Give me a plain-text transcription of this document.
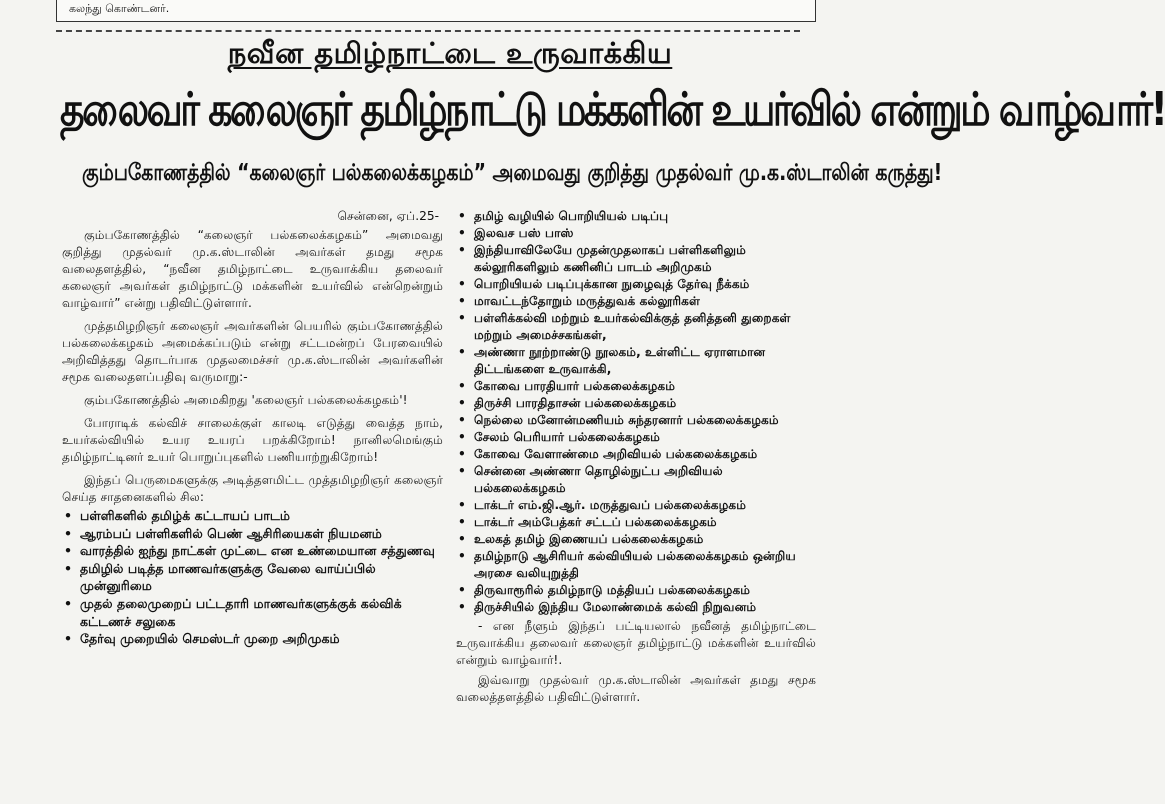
கலந்து கொண்டனர்.
நவீன தமிழ்நாட்டை உருவாக்கிய
தலைவர் கலைஞர் தமிழ்நாட்டு மக்களின் உயர்வில் என்றும் வாழ்வார்!
கும்பகோணத்தில் “கலைஞர் பல்கலைக்கழகம்” அமைவது குறித்து முதல்வர் மு.க.ஸ்டாலின் கருத்து!

சென்னை, ஏப்.25-

கும்பகோணத்தில் “கலைஞர் பல்கலைக்கழகம்” அமைவது குறித்து முதல்வர் மு.க.ஸ்டாலின் அவர்கள் தமது சமூக வலைதளத்தில், “நவீன தமிழ்நாட்டை உருவாக்கிய தலைவர் கலைஞர் அவர்கள் தமிழ்நாட்டு மக்களின் உயர்வில் என்றென்றும் வாழ்வார்” என்று பதிவிட்டுள்ளார்.

முத்தமிழறிஞர் கலைஞர் அவர்களின் பெயரில் கும்பகோணத்தில் பல்கலைக்கழகம் அமைக்கப்படும் என்று சட்டமன்றப் பேரவையில் அறிவித்தது தொடர்பாக முதலமைச்சர் மு.க.ஸ்டாலின் அவர்களின் சமூக வலைதளப்பதிவு வருமாறு:-

கும்பகோணத்தில் அமைகிறது 'கலைஞர் பல்கலைக்கழகம்'!

போராடிக் கல்விச் சாலைக்குள் காலடி எடுத்து வைத்த நாம், உயர்கல்வியில் உயர உயரப் பறக்கிறோம்! நானிலமெங்கும் தமிழ்நாட்டினர் உயர் பொறுப்புகளில் பணியாற்றுகிறோம்!

இந்தப் பெருமைகளுக்கு அடித்தளமிட்ட முத்தமிழறிஞர் கலைஞர் செய்த சாதனைகளில் சில:

• பள்ளிகளில் தமிழ்க் கட்டாயப் பாடம்
• ஆரம்பப் பள்ளிகளில் பெண் ஆசிரியைகள் நியமனம்
• வாரத்தில் ஐந்து நாட்கள் முட்டை என உண்மையான சத்துணவு
• தமிழில் படித்த மாணவர்களுக்கு வேலை வாய்ப்பில் முன்னுரிமை
• முதல் தலைமுறைப் பட்டதாரி மாணவர்களுக்குக் கல்விக் கட்டணச் சலுகை
• தேர்வு முறையில் செமஸ்டர் முறை அறிமுகம்
• தமிழ் வழியில் பொறியியல் படிப்பு
• இலவச பஸ் பாஸ்
• இந்தியாவிலேயே முதன்முதலாகப் பள்ளிகளிலும் கல்லூரிகளிலும் கணினிப் பாடம் அறிமுகம்
• பொறியியல் படிப்புக்கான நுழைவுத் தேர்வு நீக்கம்
• மாவட்டந்தோறும் மருத்துவக் கல்லூரிகள்
• பள்ளிக்கல்வி மற்றும் உயர்கல்விக்குத் தனித்தனி துறைகள் மற்றும் அமைச்சகங்கள்,
• அண்ணா நூற்றாண்டு நூலகம், உள்ளிட்ட ஏராளமான திட்டங்களை உருவாக்கி,
• கோவை பாரதியார் பல்கலைக்கழகம்
• திருச்சி பாரதிதாசன் பல்கலைக்கழகம்
• நெல்லை மனோன்மணியம் சுந்தரனார் பல்கலைக்கழகம்
• சேலம் பெரியார் பல்கலைக்கழகம்
• கோவை வேளாண்மை அறிவியல் பல்கலைக்கழகம்
• சென்னை அண்ணா தொழில்நுட்ப அறிவியல் பல்கலைக்கழகம்
• டாக்டர் எம்.ஜி.ஆர். மருத்துவப் பல்கலைக்கழகம்
• டாக்டர் அம்பேத்கர் சட்டப் பல்கலைக்கழகம்
• உலகத் தமிழ் இணையப் பல்கலைக்கழகம்
• தமிழ்நாடு ஆசிரியர் கல்வியியல் பல்கலைக்கழகம் ஒன்றிய அரசை வலியுறுத்தி
• திருவாரூரில் தமிழ்நாடு மத்தியப் பல்கலைக்கழகம்
• திருச்சியில் இந்திய மேலாண்மைக் கல்வி நிறுவனம்

- என நீளும் இந்தப் பட்டியலால் நவீனத் தமிழ்நாட்டை உருவாக்கிய தலைவர் கலைஞர் தமிழ்நாட்டு மக்களின் உயர்வில் என்றும் வாழ்வார்!.

இவ்வாறு முதல்வர் மு.க.ஸ்டாலின் அவர்கள் தமது சமூக வலைத்தளத்தில் பதிவிட்டுள்ளார்.
